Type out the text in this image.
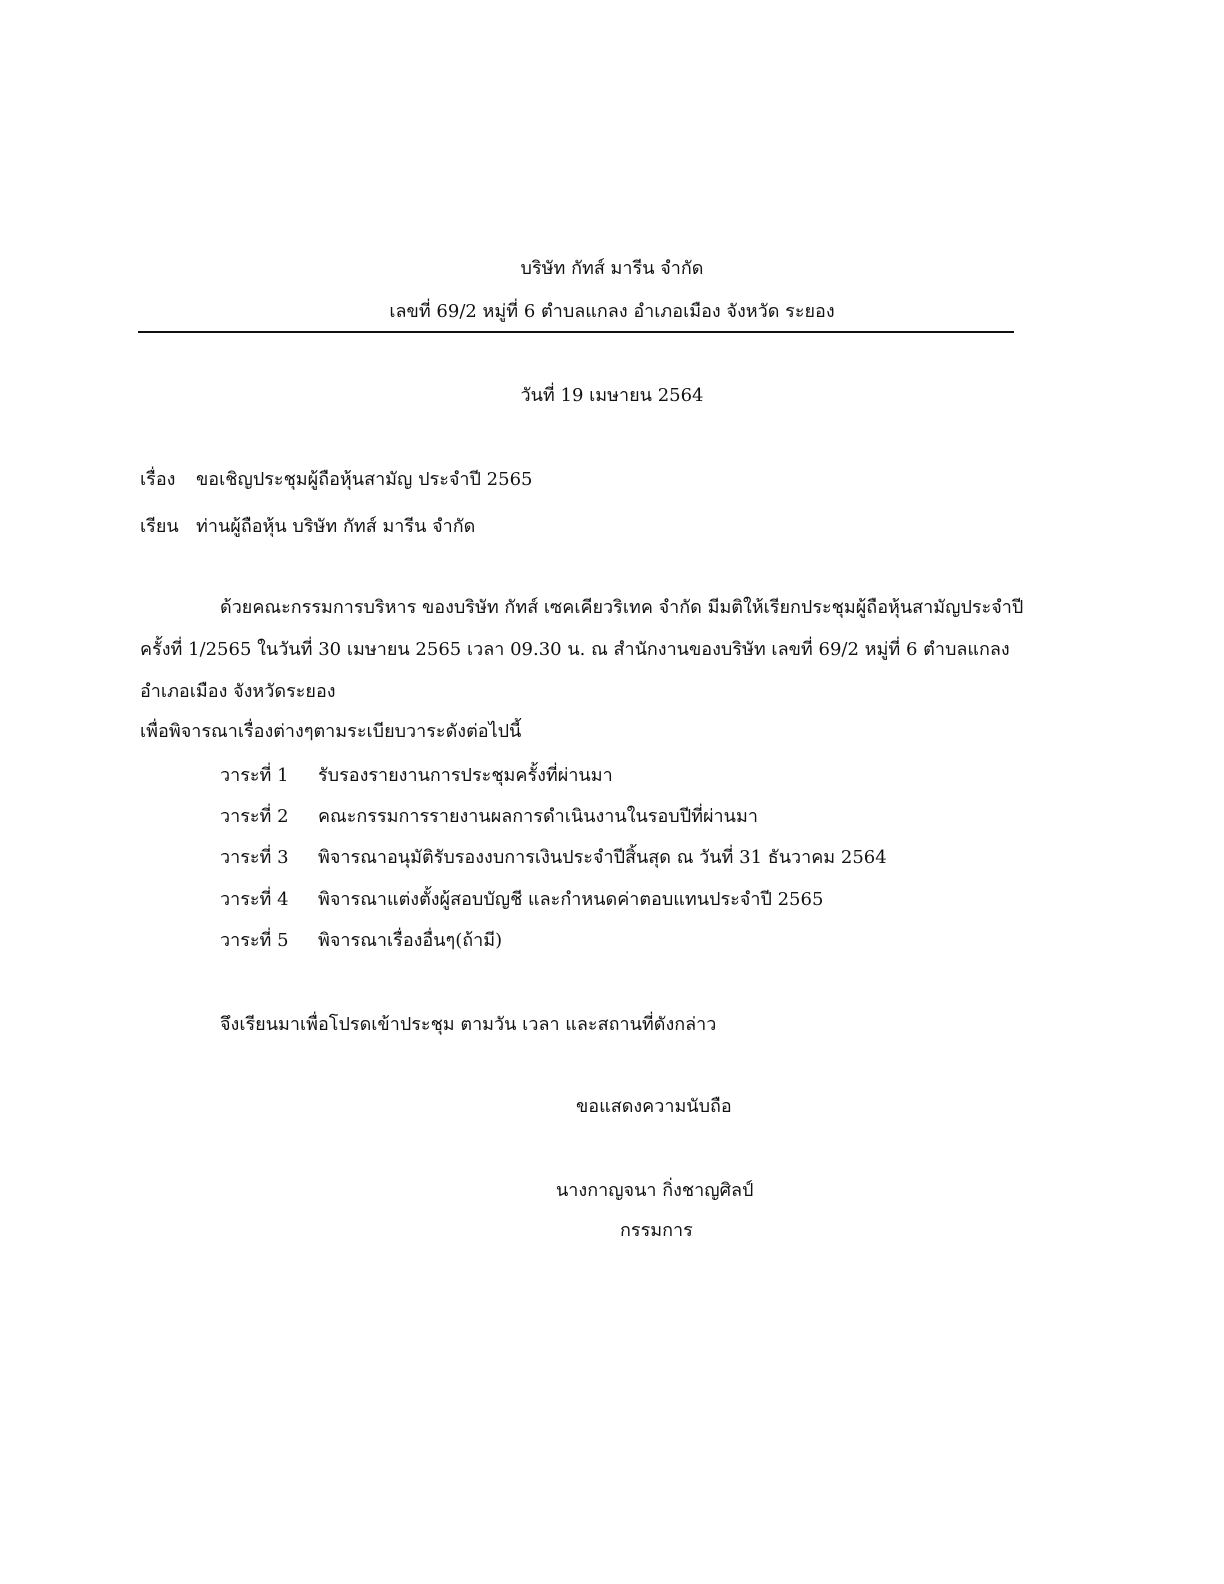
บริษัท กัทส์ มารีน จำกัด
เลขที่ 69/2 หมู่ที่ 6 ตำบลแกลง อำเภอเมือง จังหวัด ระยอง
วันที่ 19 เมษายน 2564
เรื่อง ขอเชิญประชุมผู้ถือหุ้นสามัญ ประจำปี 2565
เรียน ท่านผู้ถือหุ้น บริษัท กัทส์ มารีน จำกัด
ด้วยคณะกรรมการบริหาร ของบริษัท กัทส์ เซคเคียวริเทค จำกัด มีมติให้เรียกประชุมผู้ถือหุ้นสามัญประจำปี
ครั้งที่ 1/2565 ในวันที่ 30 เมษายน 2565 เวลา 09.30 น. ณ สำนักงานของบริษัท เลขที่ 69/2 หมู่ที่ 6 ตำบลแกลง
อำเภอเมือง จังหวัดระยอง
เพื่อพิจารณาเรื่องต่างๆตามระเบียบวาระดังต่อไปนี้
วาระที่ 1 รับรองรายงานการประชุมครั้งที่ผ่านมา
วาระที่ 2 คณะกรรมการรายงานผลการดำเนินงานในรอบปีที่ผ่านมา
วาระที่ 3 พิจารณาอนุมัติรับรองงบการเงินประจำปีสิ้นสุด ณ วันที่ 31 ธันวาคม 2564
วาระที่ 4 พิจารณาแต่งตั้งผู้สอบบัญชี และกำหนดค่าตอบแทนประจำปี 2565
วาระที่ 5 พิจารณาเรื่องอื่นๆ(ถ้ามี)
จึงเรียนมาเพื่อโปรดเข้าประชุม ตามวัน เวลา และสถานที่ดังกล่าว
ขอแสดงความนับถือ
นางกาญจนา กิ่งชาญศิลป์
กรรมการ
